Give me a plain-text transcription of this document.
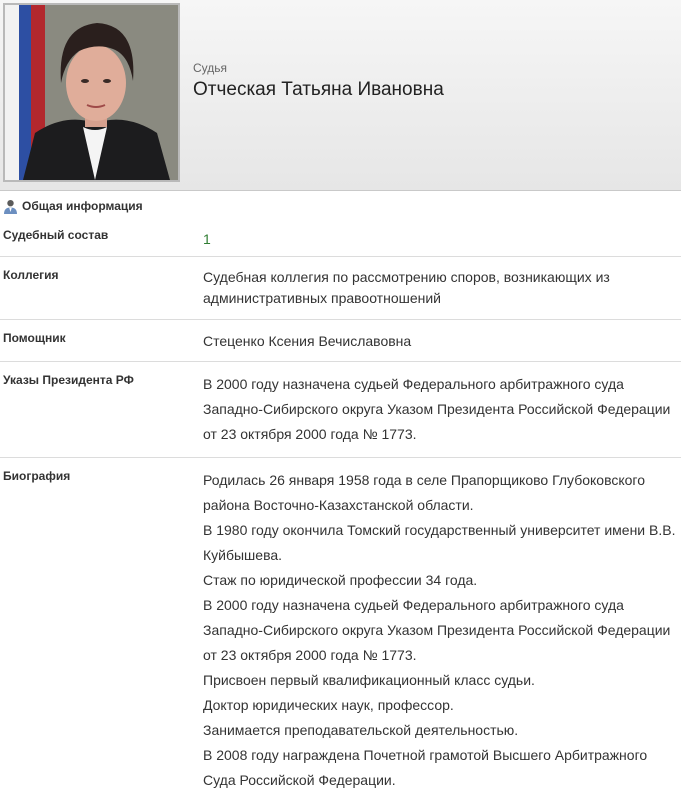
Судья
Отческая Татьяна Ивановна
Общая информация
Судебный состав	1
Коллегия	Судебная коллегия по рассмотрению споров, возникающих из административных правоотношений
Помощник	Стеценко Ксения Вечиславовна
Указы Президента РФ	В 2000 году назначена судьей Федерального арбитражного суда Западно-Сибирского округа Указом Президента Российской Федерации от 23 октября 2000 года № 1773.
Биография	Родилась 26 января 1958 года в селе Прапорщиково Глубоковского района Восточно-Казахстанской области.

В 1980 году окончила Томский государственный университет имени В.В. Куйбышева.

Стаж по юридической профессии 34 года.

В 2000 году назначена судьей Федерального арбитражного суда Западно-Сибирского округа Указом Президента Российской Федерации от 23 октября 2000 года № 1773.

Присвоен первый квалификационный класс судьи.

Доктор юридических наук, профессор.

Занимается преподавательской деятельностью.

В 2008 году награждена Почетной грамотой Высшего Арбитражного Суда Российской Федерации.
